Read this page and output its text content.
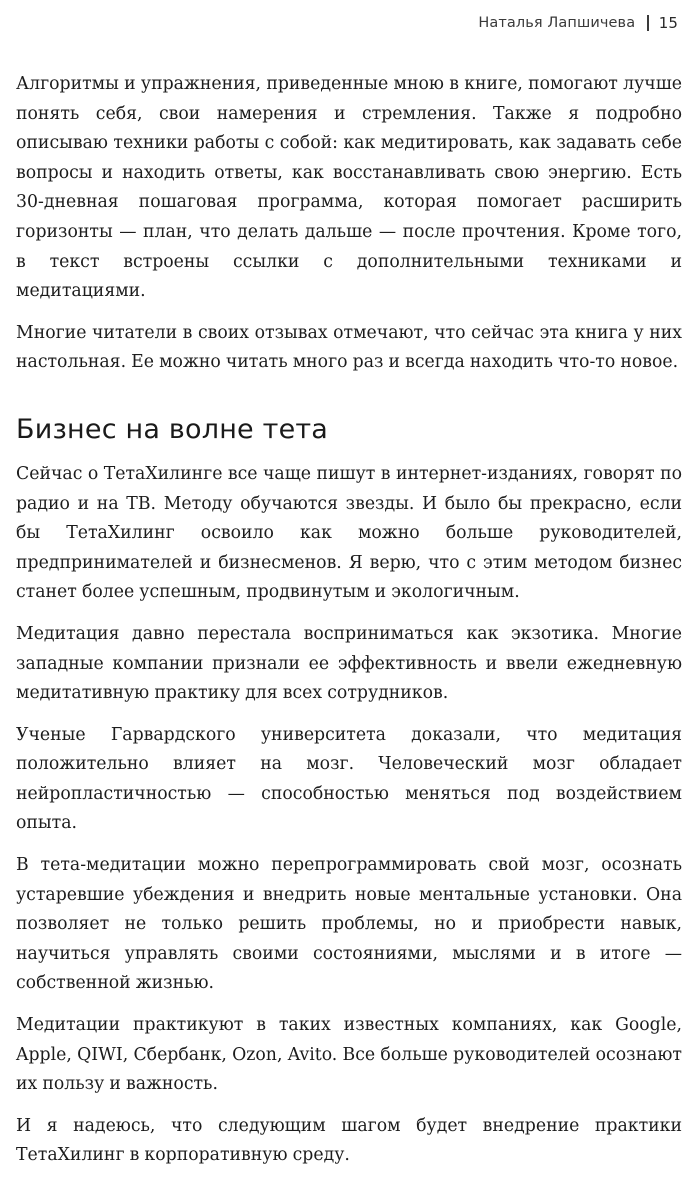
Наталья Лапшичева 15

Алгоритмы и упражнения, приведенные мною в книге, помогают лучше понять себя, свои намерения и стремления. Также я подробно описываю техники работы с собой: как медитировать, как задавать себе вопросы и находить ответы, как восстанавливать свою энергию. Есть 30-дневная пошаговая программа, которая помогает расширить горизонты — план, что делать дальше — после прочтения. Кроме того, в текст встроены ссылки с дополнительными техниками и медитациями.

Многие читатели в своих отзывах отмечают, что сейчас эта книга у них настольная. Ее можно читать много раз и всегда находить что-то новое.

Бизнес на волне тета

Сейчас о ТетаХилинге все чаще пишут в интернет-изданиях, говорят по радио и на ТВ. Методу обучаются звезды. И было бы прекрасно, если бы ТетаХилинг освоило как можно больше руководителей, предпринимателей и бизнесменов. Я верю, что с этим методом бизнес станет более успешным, продвинутым и экологичным.

Медитация давно перестала восприниматься как экзотика. Многие западные компании признали ее эффективность и ввели ежедневную медитативную практику для всех сотрудников.

Ученые Гарвардского университета доказали, что медитация положительно влияет на мозг. Человеческий мозг обладает нейропластичностью — способностью меняться под воздействием опыта.

В тета-медитации можно перепрограммировать свой мозг, осознать устаревшие убеждения и внедрить новые ментальные установки. Она позволяет не только решить проблемы, но и приобрести навык, научиться управлять своими состояниями, мыслями и в итоге — собственной жизнью.

Медитации практикуют в таких известных компаниях, как Google, Apple, QIWI, Сбербанк, Ozon, Avito. Все больше руководителей осознают их пользу и важность.

И я надеюсь, что следующим шагом будет внедрение практики ТетаХилинг в корпоративную среду.
